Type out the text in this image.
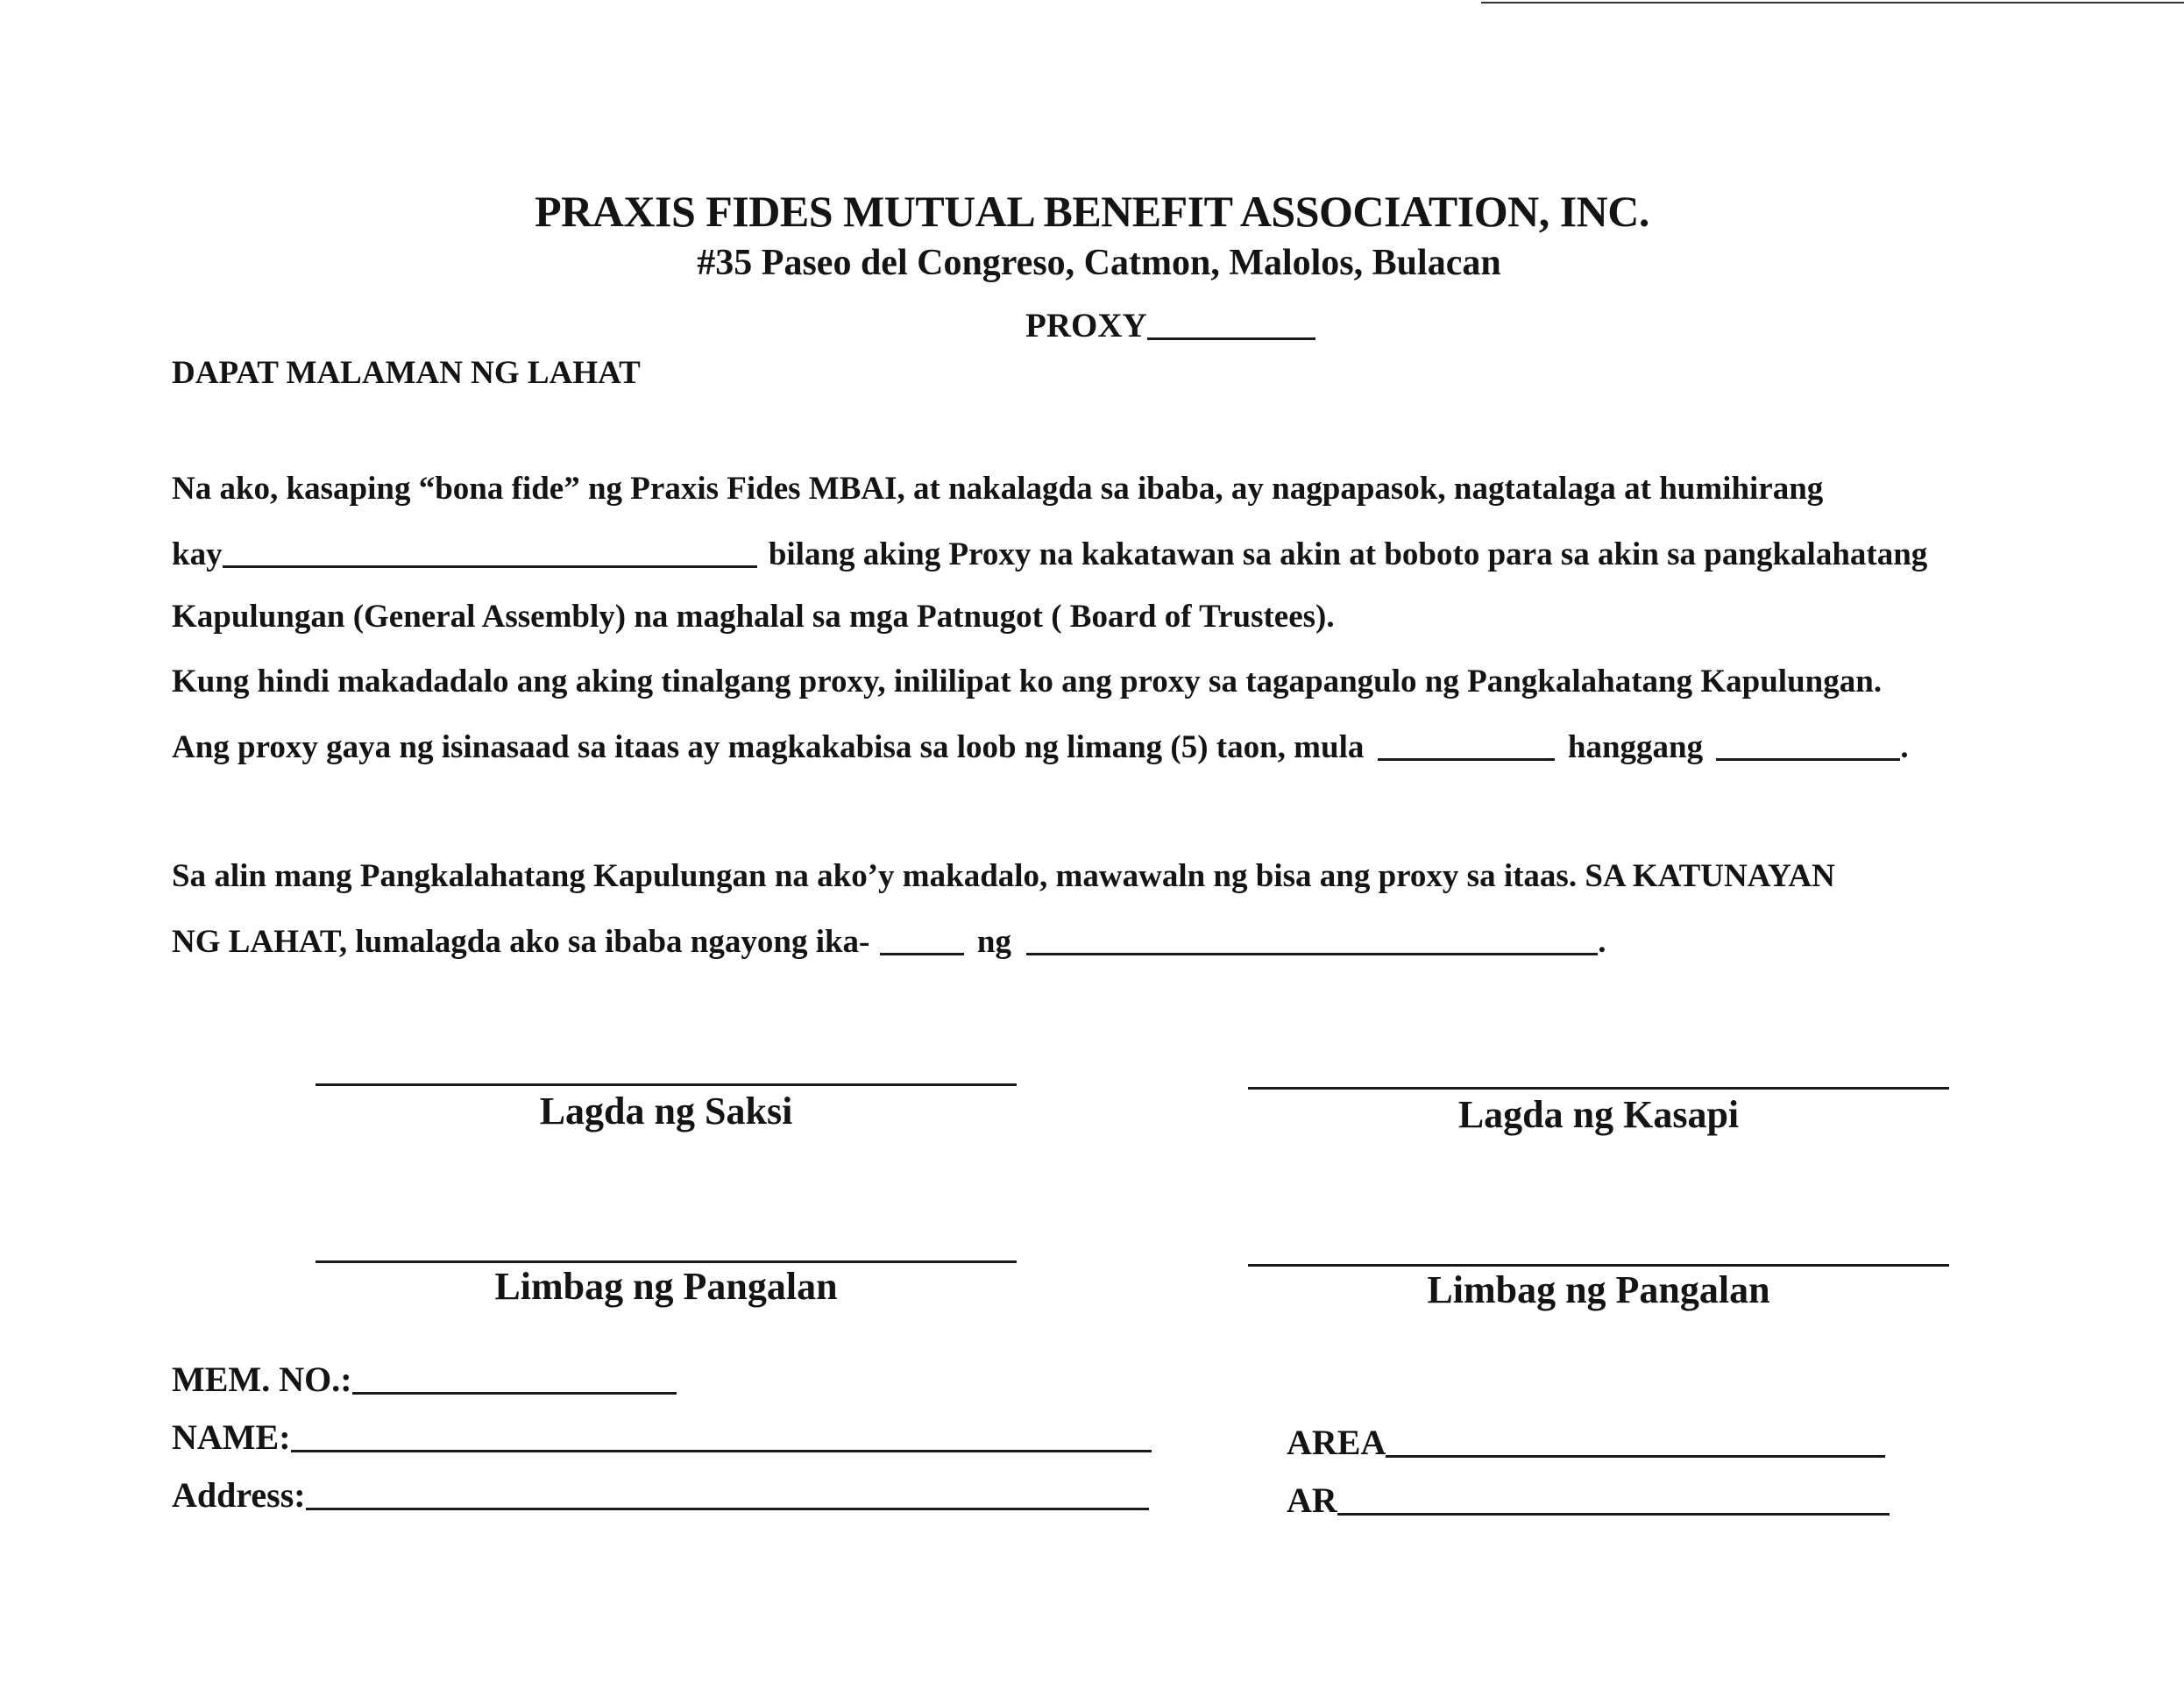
PRAXIS FIDES MUTUAL BENEFIT ASSOCIATION, INC.
#35 Paseo del Congreso, Catmon, Malolos, Bulacan
PROXY
DAPAT MALAMAN NG LAHAT
Na ako, kasaping “bona fide” ng Praxis Fides MBAI, at nakalagda sa ibaba, ay nagpapasok, nagtatalaga at humihirang
kay	bilang aking Proxy na kakatawan sa akin at boboto para sa akin sa pangkalahatang
Kapulungan (General Assembly) na maghalal sa mga Patnugot ( Board of Trustees).
Kung hindi makadadalo ang aking tinalgang proxy, inililipat ko ang proxy sa tagapangulo ng Pangkalahatang Kapulungan.
Ang proxy gaya ng isinasaad sa itaas ay magkakabisa sa loob ng limang (5) taon, mula	hanggang	.
Sa alin mang Pangkalahatang Kapulungan na ako’y makadalo, mawawaln ng bisa ang proxy sa itaas. SA KATUNAYAN
NG LAHAT, lumalagda ako sa ibaba ngayong ika-	ng	.
Lagda ng Saksi	Lagda ng Kasapi
Limbag ng Pangalan	Limbag ng Pangalan
MEM. NO.:
NAME:
Address:
AREA
AR
